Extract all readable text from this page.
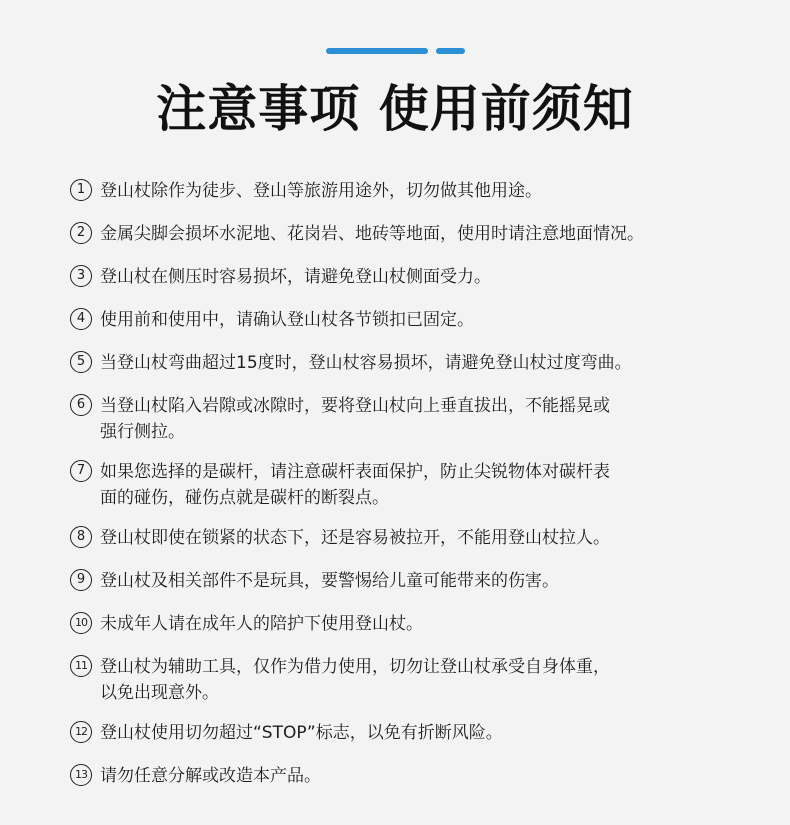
注意事项 使用前须知
1 登山杖除作为徒步、登山等旅游用途外，切勿做其他用途。
2 金属尖脚会损坏水泥地、花岗岩、地砖等地面，使用时请注意地面情况。
3 登山杖在侧压时容易损坏，请避免登山杖侧面受力。
4 使用前和使用中，请确认登山杖各节锁扣已固定。
5 当登山杖弯曲超过15度时，登山杖容易损坏，请避免登山杖过度弯曲。
6 当登山杖陷入岩隙或冰隙时，要将登山杖向上垂直拔出，不能摇晃或
强行侧拉。
7 如果您选择的是碳杆，请注意碳杆表面保护，防止尖锐物体对碳杆表
面的碰伤，碰伤点就是碳杆的断裂点。
8 登山杖即使在锁紧的状态下，还是容易被拉开，不能用登山杖拉人。
9 登山杖及相关部件不是玩具，要警惕给儿童可能带来的伤害。
10 未成年人请在成年人的陪护下使用登山杖。
11 登山杖为辅助工具，仅作为借力使用，切勿让登山杖承受自身体重，
以免出现意外。
12 登山杖使用切勿超过“STOP”标志，以免有折断风险。
13 请勿任意分解或改造本产品。
